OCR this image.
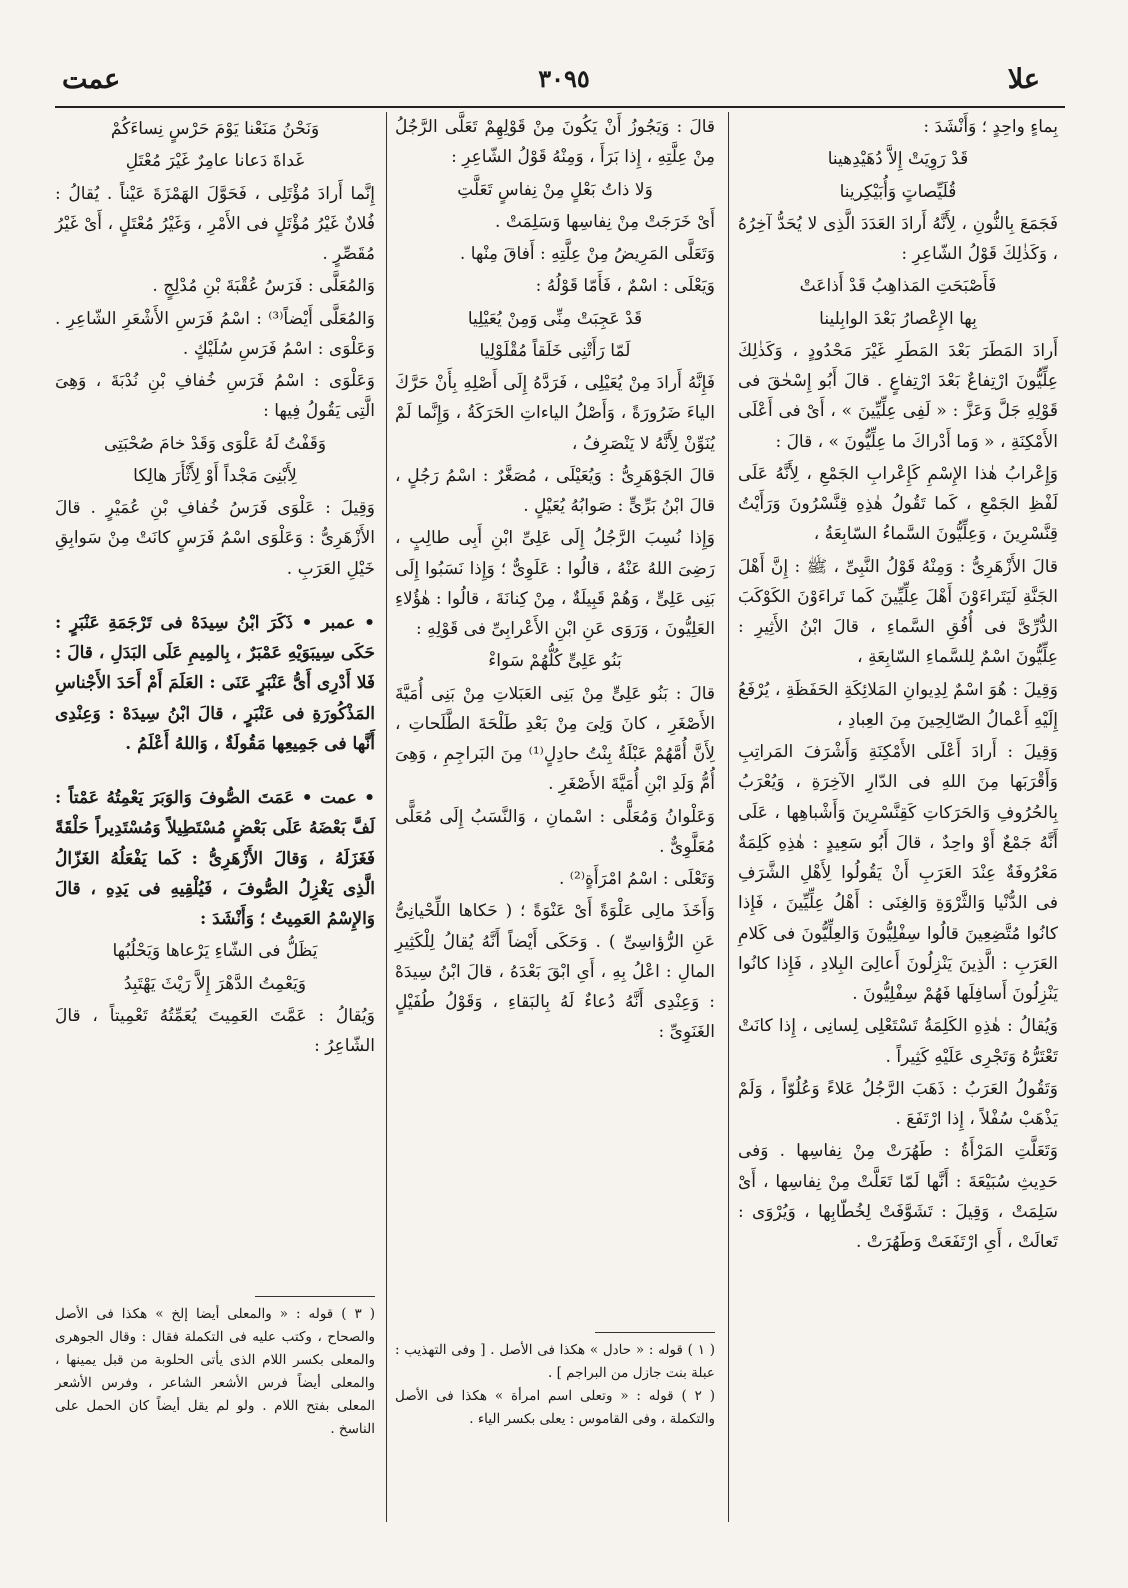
علا
٣٠٩٥
عمت

بِماءٍ واحِدٍ ؛ وَأَنْشَدَ :

قَدْ رَوِيَتْ إِلاَّ دُهَيْدِهينا

قُلَيِّصاتٍ وَأُبَيْكِرينا

فَجَمَعَ بِالنُّونِ ، لِأَنَّهُ أَرادَ العَدَدَ الَّذِى لا يُحَدُّ آخِرُهُ ، وَكَذٰلِكَ قَوْلُ الشّاعِرِ :

فَأَصْبَحَتِ المَذاهِبُ قَدْ أَذاعَتْ

بِها الإِعْصارُ بَعْدَ الوابِلينا

أَرادَ المَطَرَ بَعْدَ المَطَرِ غَيْرَ مَحْدُودٍ ، وَكَذٰلِكَ عِلِّيُّونَ ارْتِفاعٌ بَعْدَ ارْتِفاعٍ . قالَ أَبُو إِسْحٰقَ فى قَوْلِهِ جَلَّ وَعَزَّ : « لَفِى عِلِّيِّينَ » ، أَىْ فى أَعْلَى الأَمْكِنَةِ ، « وَما أَدْراكَ ما عِلِّيُّونَ » ، قالَ :

وَإِعْرابُ هٰذا الإِسْمِ كَإِعْرابِ الجَمْعِ ، لِأَنَّهُ عَلَى لَفْظِ الجَمْعِ ، كَما تَقُولُ هٰذِهِ قِنَّسْرُونَ وَرَأَيْتُ قِنَّسْرِينَ ، وَعِلِّيُّونَ السَّماءُ السّابِعَةُ ،

قالَ الأَزْهَرِىُّ : وَمِنْهُ قَوْلُ النَّبِىِّ ، ﷺ : إِنَّ أَهْلَ الجَنَّةِ لَيَتَراءَوْنَ أَهْلَ عِلِّيِّينَ كَما تَراءَوْنَ الكَوْكَبَ الدُّرِّىَّ فى أُفُقِ السَّماءِ ، قالَ ابْنُ الأَثِيرِ : عِلِّيُّونَ اسْمٌ لِلسَّماءِ السّابِعَةِ ،

وَقِيلَ : هُوَ اسْمٌ لِدِيوانِ المَلائِكَةِ الحَفَظَةِ ، يُرْفَعُ إِلَيْهِ أَعْمالُ الصّالِحِينَ مِنَ العِبادِ ،

وَقِيلَ : أَرادَ أَعْلَى الأَمْكِنَةِ وَأَشْرَفَ المَراتِبِ وَأَقْرَبَها مِنَ اللهِ فى الدّارِ الآخِرَةِ ، وَيُعْرَبُ بِالحُرُوفِ وَالحَرَكاتِ كَقِنَّسْرِينَ وَأَشْباهِها ، عَلَى أَنَّهُ جَمْعٌ أَوْ واحِدٌ ، قالَ أَبُو سَعِيدٍ : هٰذِهِ كَلِمَةٌ مَعْرُوفَةٌ عِنْدَ العَرَبِ أَنْ يَقُولُوا لِأَهْلِ الشَّرَفِ فى الدُّنْيا وَالثَّرْوَةِ وَالغِنَى : أَهْلُ عِلِّيِّينَ ، فَإِذا كانُوا مُتَّضِعِينَ قالُوا سِفْلِيُّونَ وَالعِلِّيُّونَ فى كَلامِ العَرَبِ : الَّذِينَ يَنْزِلُونَ أَعالِىَ البِلادِ ، فَإِذا كانُوا يَنْزِلُونَ أَسافِلَها فَهُمْ سِفْلِيُّونَ .

وَيُقالُ : هٰذِهِ الكَلِمَةُ تَسْتَعْلِى لِسانِى ، إِذا كانَتْ تَعْتَرُّهُ وَتَجْرِى عَلَيْهِ كَثِيراً .

وَتَقُولُ العَرَبُ : ذَهَبَ الرَّجُلُ عَلاءً وَعُلُوّاً ، وَلَمْ يَذْهَبْ سُفْلاً ، إِذا ارْتَفَعَ .

وَتَعَلَّتِ المَرْأَةُ : طَهُرَتْ مِنْ نِفاسِها . وَفى حَدِيثِ سُبَيْعَةَ : أَنَّها لَمّا تَعَلَّتْ مِنْ نِفاسِها ، أَىْ سَلِمَتْ ، وَقِيلَ : تَشَوَّفَتْ لِخُطّابِها ، وَيُرْوَى : تَعالَتْ ، أَىِ ارْتَفَعَتْ وَطَهُرَتْ .

قالَ : وَيَجُوزُ أَنْ يَكُونَ مِنْ قَوْلِهِمْ تَعَلَّى الرَّجُلُ مِنْ عِلَّتِهِ ، إِذا بَرَأَ ، وَمِنْهُ قَوْلُ الشّاعِرِ :

وَلا ذاتُ بَعْلٍ مِنْ نِفاسٍ تَعَلَّتِ

أَىْ خَرَجَتْ مِنْ نِفاسِها وَسَلِمَتْ .

وَتَعَلَّى المَرِيضُ مِنْ عِلَّتِهِ : أَفاقَ مِنْها .

وَيَعْلَى : اسْمٌ ، فَأَمّا قَوْلُهُ :

قَدْ عَجِبَتْ مِنِّى وَمِنْ يُعَيْلِيا

لَمّا رَأَتْنِى خَلَقاً مُقْلَوْلِيا

فَإِنَّهُ أَرادَ مِنْ يُعَيْلِى ، فَرَدَّهُ إِلَى أَصْلِهِ بِأَنْ حَرَّكَ الياءَ ضَرُورَةً ، وَأَصْلُ الياءاتِ الحَرَكَةُ ، وَإِنَّما لَمْ يُنَوِّنْ لِأَنَّهُ لا يَنْصَرِفُ ،

قالَ الجَوْهَرِىُّ : وَيُعَيْلَى ، مُصَغَّرٌ : اسْمُ رَجُلٍ ، قالَ ابْنُ بَرِّىٍّ : صَوابُهُ يُعَيْلٍ .

وَإِذا نُسِبَ الرَّجُلُ إِلَى عَلِىِّ ابْنِ أَبِى طالِبٍ ، رَضِىَ اللهُ عَنْهُ ، قالُوا : عَلَوِىٌّ ؛ وَإِذا نَسَبُوا إِلَى بَنِى عَلِىٍّ ، وَهُمْ قَبِيلَةٌ ، مِنْ كِنانَةَ ، قالُوا : هٰؤُلاءِ العَلِيُّونَ ، وَرَوَى عَنِ ابْنِ الأَعْرابِىِّ فى قَوْلِهِ :

بَنُو عَلِىٍّ كُلُّهُمْ سَواءْ

قالَ : بَنُو عَلِىٍّ مِنْ بَنِى العَبَلاتِ مِنْ بَنِى أُمَيَّةَ الأَصْغَرِ ، كانَ وَلِىَ مِنْ بَعْدِ طَلْحَةَ الطَّلَحاتِ ، لِأَنَّ أُمَّهُمْ عَبْلَةُ بِنْتُ حادِلٍ⁽¹⁾ مِنَ البَراجِمِ ، وَهِىَ أُمُّ وَلَدِ ابْنِ أُمَيَّةَ الأَصْغَرِ .

وَعَلْوانُ وَمُعَلًّى : اسْمانِ ، وَالنَّسَبُ إِلَى مُعَلًّى مُعَلَّوِىٌّ .

وَتَعْلَى : اسْمُ امْرَأَةٍ⁽²⁾ .

وَأَخَذَ مالِى عَلْوَةً أَىْ عَنْوَةً ؛ ( حَكاها اللِّحْيانِىُّ عَنِ الرُّؤاسِىِّ ) . وَحَكَى أَيْضاً أَنَّهُ يُقالُ لِلْكَثِيرِ المالِ : اعْلُ بِهِ ، أَىِ ابْقَ بَعْدَهُ ، قالَ ابْنُ سِيدَهْ : وَعِنْدِى أَنَّهُ دُعاءٌ لَهُ بِالبَقاءِ ، وَقَوْلُ طُفَيْلٍ الغَنَوِىِّ :

وَنَحْنُ مَنَعْنا يَوْمَ حَرْسٍ نِساءَكُمْ

غَداةَ دَعانا عامِرٌ غَيْرَ مُعْتَلِ

إِنَّما أَرادَ مُؤْتَلِى ، فَحَوَّلَ الهَمْزَةَ عَيْناً . يُقالُ : فُلانٌ غَيْرُ مُؤْتَلٍ فى الأَمْرِ ، وَغَيْرُ مُعْتَلٍ ، أَىْ غَيْرُ مُقَصِّرٍ .

وَالمُعَلَّى : فَرَسُ عُقْبَةَ بْنِ مُدْلِجٍ .

وَالمُعَلَّى أَيْضاً⁽³⁾ : اسْمُ فَرَسِ الأَشْعَرِ الشّاعِرِ . وَعَلْوَى : اسْمُ فَرَسِ سُلَيْكٍ .

وَعَلْوَى : اسْمُ فَرَسِ خُفافِ بْنِ نُدْبَةَ ، وَهِىَ الَّتِى يَقُولُ فِيها :

وَقَفْتُ لَهُ عَلْوَى وَقَدْ خامَ صُحْبَتِى

لِأَبْنِىَ مَجْداً أَوْ لِأَثْأَرَ هالِكا

وَقِيلَ : عَلْوَى فَرَسُ خُفافِ بْنِ عُمَيْرٍ . قالَ الأَزْهَرِىُّ : وَعَلْوَى اسْمُ فَرَسٍ كانَتْ مِنْ سَوابِقِ خَيْلِ العَرَبِ .

• عمبر • ذَكَرَ ابْنُ سِيدَهْ فى تَرْجَمَةِ عَنْبَرٍ : حَكَى سِيبَوَيْهِ عَمْبَرٌ ، بِالمِيمِ عَلَى البَدَلِ ، قالَ : فَلا أَدْرِى أَىُّ عَنْبَرٍ عَنَى : العَلَمَ أَمْ أَحَدَ الأَجْناسِ المَذْكُورَةِ فى عَنْبَرٍ ، قالَ ابْنُ سِيدَهْ : وَعِنْدِى أَنَّها فى جَمِيعِها مَقُولَةٌ ، وَاللهُ أَعْلَمُ .

• عمت • عَمَتَ الصُّوفَ وَالوَبَرَ يَعْمِتُهُ عَمْتاً : لَفَّ بَعْضَهُ عَلَى بَعْضٍ مُسْتَطِيلاً وَمُسْتَدِيراً حَلْقَةً فَغَزَلَهُ ، وَقالَ الأَزْهَرِىُّ : كَما يَفْعَلُهُ الغَزّالُ الَّذِى يَغْزِلُ الصُّوفَ ، فَيُلْقِيهِ فى يَدِهِ ، قالَ وَالإِسْمُ العَمِيتُ ؛ وَأَنْشَدَ :

يَظَلُّ فى الشّاءِ يَرْعاها وَيَحْلُبُها

وَيَعْمِتُ الدَّهْرَ إِلاَّ رَيْثَ يَهْتَبِدُ

وَيُقالُ : عَمَّتَ العَمِيتَ يُعَمِّتُهُ تَعْمِيتاً ، قالَ الشّاعِرُ :

( ٣ ) قوله : « والمعلى أيضا إلخ » هكذا فى الأصل والصحاح ، وكتب عليه فى التكملة فقال : وقال الجوهرى والمعلى بكسر اللام الذى يأتى الحلوبة من قبل يمينها ، والمعلى أيضاً فرس الأشعر الشاعر ، وفرس الأشعر المعلى بفتح اللام . ولو لم يقل أيضاً كان الحمل على الناسخ .

( ١ ) قوله : « حادل » هكذا فى الأصل . [ وفى التهذيب : عبلة بنت جازل من البراجم ] .

( ٢ ) قوله : « وتعلى اسم امرأة » هكذا فى الأصل والتكملة ، وفى القاموس : يعلى بكسر الياء .
